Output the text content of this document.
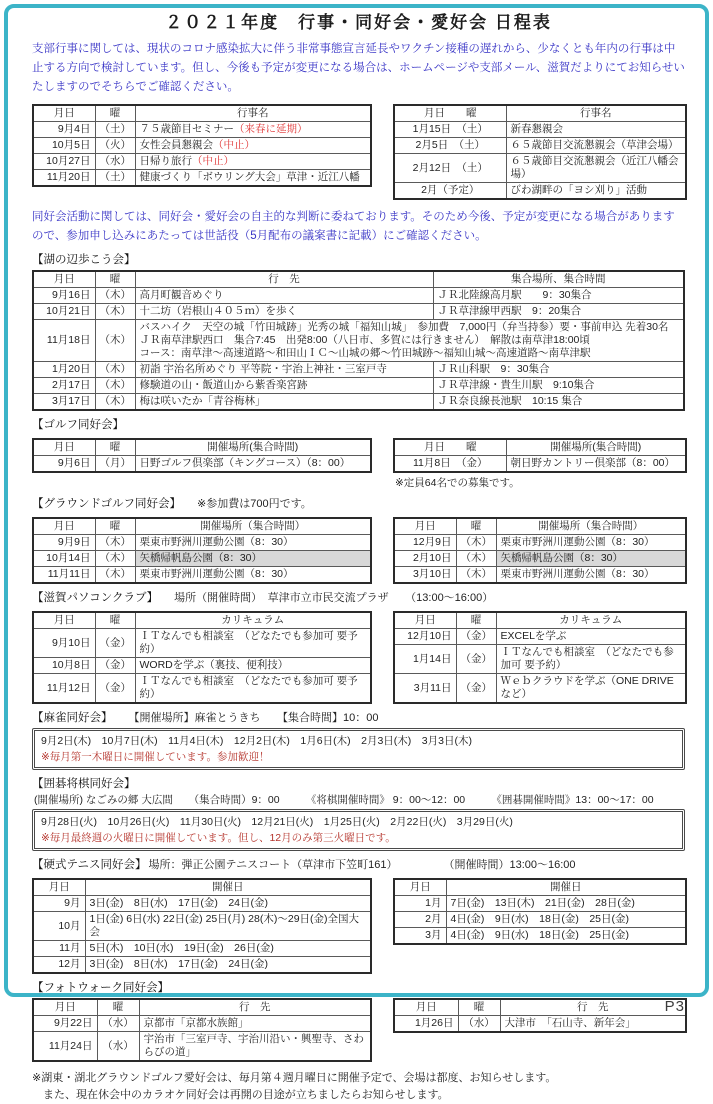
２０２１年度　行事・同好会・愛好会 日程表

支部行事に関しては、現状のコロナ感染拡大に伴う非常事態宣言延長やワクチン接種の遅れから、少なくとも年内の行事は中止する方向で検討しています。但し、今後も予定が変更になる場合は、ホームページや支部メール、滋賀だよりにてお知らせいたしますのでそちらでご確認ください。

月日	曜	行事名
9月4日	（土）	７５歳節目セミナー（来春に延期）
10月5日	（火）	女性会員懇親会（中止）
10月27日	（水）	日帰り旅行（中止）
11月20日	（土）	健康づくり「ボウリング大会」草津・近江八幡
月日　　曜	行事名
1月15日　（土）	新春懇親会
2月5日　（土）	６５歳節目交流懇親会（草津会場）
2月12日　（土）	６５歳節目交流懇親会（近江八幡会場）
2月（予定）	びわ湖畔の「ヨシ刈り」活動

同好会活動に関しては、同好会・愛好会の自主的な判断に委ねております。そのため今後、予定が変更になる場合がありますので、参加申し込みにあたっては世話役（5月配布の議案書に記載）にご確認ください。

【湖の辺歩こう会】
月日	曜	行　先	集合場所、集合時間
9月16日	（木）	高月町観音めぐり	ＪＲ北陸線高月駅　　9：30集合
10月21日	（木）	十二坊（岩根山４０５ｍ）を歩く	ＪＲ草津線甲西駅　9：20集合
11月18日	（木）	バスハイク　天空の城「竹田城跡」光秀の城「福知山城」　参加費　7,000円（弁当持参）要・事前申込 先着30名
ＪＲ南草津駅西口　集合7:45　出発8:00（八日市、多賀には行きません）　解散は南草津18:00頃
コース：南草津～高速道路～和田山ＩＣ～山城の郷～竹田城跡～福知山城～高速道路～南草津駅	
1月20日	（木）	初詣 宇治名所めぐり 平等院・宇治上神社・三室戸寺	ＪＲ山科駅　9：30集合
2月17日	（木）	修験道の山・飯道山から紫香楽宮跡	ＪＲ草津線・貴生川駅　9:10集合
3月17日	（木）	梅は咲いたか「青谷梅林」	ＪＲ奈良線長池駅　10:15 集合
【ゴルフ同好会】
月日	曜	開催場所(集合時間)
9月6日	（月）	日野ゴルフ倶楽部（キングコース）（8：00）
月日　　曜	開催場所(集合時間)
11月8日　（金）	朝日野カントリー倶楽部（8：00）
※定員64名での募集です。
【グラウンドゴルフ同好会】 ※参加費は700円です。
月日	曜	開催場所（集合時間）
9月9日	（木）	栗東市野洲川運動公園（8：30）
10月14日	（木）	矢橋帰帆島公園（8：30）
11月11日	（木）	栗東市野洲川運動公園（8：30）
月日	曜	開催場所（集合時間）
12月9日	（木）	栗東市野洲川運動公園（8：30）
2月10日	（木）	矢橋帰帆島公園（8：30）
3月10日	（木）	栗東市野洲川運動公園（8：30）
【滋賀パソコンクラブ】 場所（開催時間）　草津市立市民交流プラザ　　（13:00～16:00）
月日	曜	カリキュラム
9月10日	（金）	ＩＴなんでも相談室　（どなたでも参加可 要予約）
10月8日	（金）	WORDを学ぶ（裏技、便利技）
11月12日	（金）	ＩＴなんでも相談室　（どなたでも参加可 要予約）
月日	曜	カリキュラム
12月10日	（金）	EXCELを学ぶ
1月14日	（金）	ＩＴなんでも相談室　（どなたでも参加可 要予約）
3月11日	（金）	Ｗｅｂクラウドを学ぶ（ONE DRIVEなど）
【麻雀同好会】 【開催場所】麻雀とうきち　　【集合時間】10：00
9月2日(木)　10月7日(木)　11月4日(木)　12月2日(木)　1月6日(木)　2月3日(木)　3月3日(木)
※毎月第一木曜日に開催しています。参加歓迎！
【囲碁将棋同好会】
(開催場所) なごみの郷 大広間　　（集合時間）9：00　　　《将棋開催時間》 9：00～12：00　　　《囲碁開催時間》13：00～17：00
9月28日(火)　10月26日(火)　11月30日(火)　12月21日(火)　1月25日(火)　2月22日(火)　3月29日(火)
※毎月最終週の火曜日に開催しています。但し、12月のみ第三火曜日です。
【硬式テニス同好会】 場所：弾正公園テニスコート（草津市下笠町161）	（開催時間）13:00～16:00
月日	開催日
9月	3日(金)　8日(水)　17日(金)　24日(金)
10月	1日(金) 6日(水) 22日(金) 25日(月) 28(木)～29日(金)全国大会
11月	5日(木)　10日(水)　19日(金)　26日(金)
12月	3日(金)　8日(水)　17日(金)　24日(金)
月日	開催日
1月	7日(金)　13日(木)　21日(金)　28日(金)
2月	4日(金)　9日(水)　18日(金)　25日(金)
3月	4日(金)　9日(水)　18日(金)　25日(金)
【フォトウォーク同好会】
月日	曜	行　先
9月22日	（水）	京都市「京都水族館」
11月24日	（水）	宇治市「三室戸寺、宇治川沿い・興聖寺、さわらびの道」
月日	曜	行　先
1月26日	（水）	大津市　「石山寺、新年会」
※湖東・湖北グラウンドゴルフ愛好会は、毎月第４週月曜日に開催予定で、会場は都度、お知らせします。
　また、現在休会中のカラオケ同好会は再開の目途が立ちましたらお知らせします。
P3
